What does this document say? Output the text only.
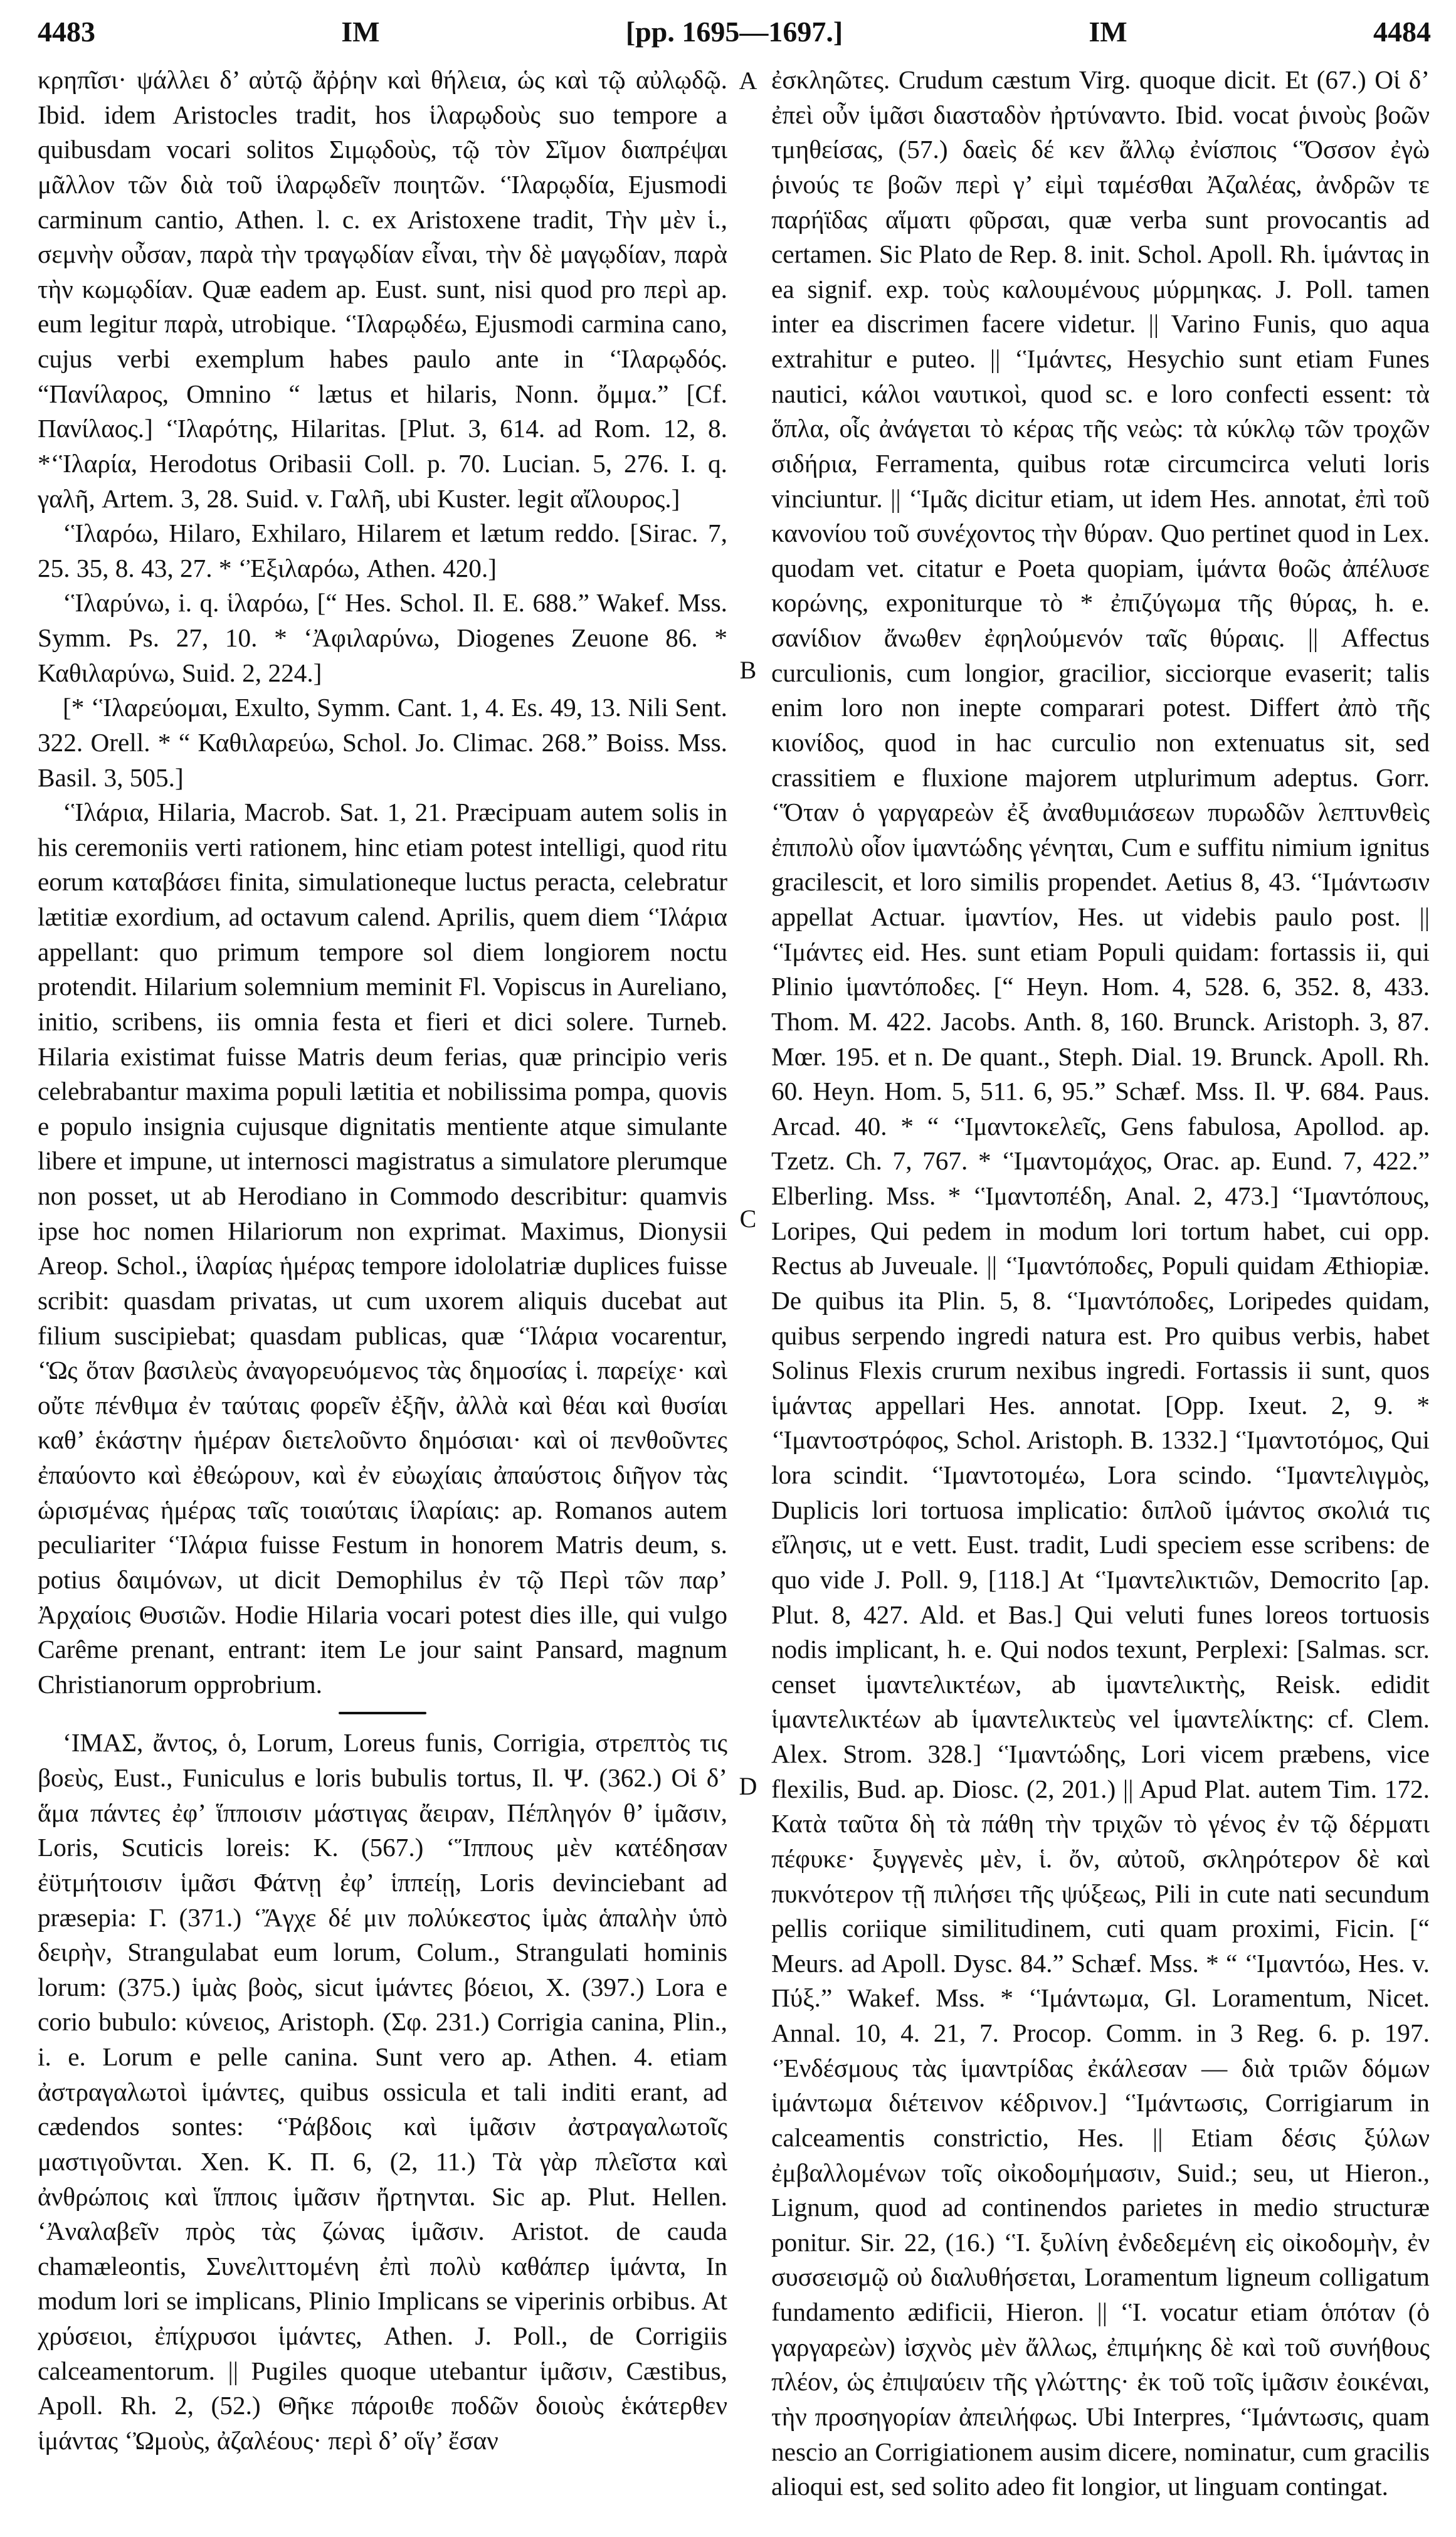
4483	IM	[pp. 1695—1697.]	IM	4484

κρηπῖσι· ψάλλει δ’ αὐτῷ ἄῤῥην καὶ θήλεια, ὡς καὶ τῷ αὐλῳδῷ. Ibid. idem Aristocles tradit, hos ἱλαρῳδοὺς suo tempore a quibusdam vocari solitos Σιμῳδοὺς, τῷ τὸν Σῖμον διαπρέψαι μᾶλλον τῶν διὰ τοῦ ἱλαρῳδεῖν ποιητῶν. ‘Ἱλαρῳδία, Ejusmodi carminum cantio, Athen. l. c. ex Aristoxene tradit, Τὴν μὲν ἱ., σεμνὴν οὖσαν, παρὰ τὴν τραγῳδίαν εἶναι, τὴν δὲ μαγῳδίαν, παρὰ τὴν κωμῳδίαν. Quæ eadem ap. Eust. sunt, nisi quod pro περὶ ap. eum legitur παρὰ, utrobique. ‘Ἱλαρῳδέω, Ejusmodi carmina cano, cujus verbi exemplum habes paulo ante in ‘Ἱλαρῳδός. “Πανίλαρος, Omnino “ lætus et hilaris, Nonn. ὄμμα.” [Cf. Πανίλαος.] ‘Ἱλαρότης, Hilaritas. [Plut. 3, 614. ad Rom. 12, 8. *‘Ἱλαρία, Herodotus Oribasii Coll. p. 70. Lucian. 5, 276. I. q. γαλῆ, Artem. 3, 28. Suid. v. Γαλῆ, ubi Kuster. legit αἴλουρος.]

‘Ἱλαρόω, Hilaro, Exhilaro, Hilarem et lætum reddo. [Sirac. 7, 25. 35, 8. 43, 27. * ‘Ἐξιλαρόω, Athen. 420.]

‘Ἱλαρύνω, i. q. ἱλαρόω, [“ Hes. Schol. Il. E. 688.” Wakef. Mss. Symm. Ps. 27, 10. * ‘Ἀφιλαρύνω, Diogenes Zeuone 86. * Καθιλαρύνω, Suid. 2, 224.]

[* ‘Ἱλαρεύομαι, Exulto, Symm. Cant. 1, 4. Es. 49, 13. Nili Sent. 322. Orell. * “ Καθιλαρεύω, Schol. Jo. Climac. 268.” Boiss. Mss. Basil. 3, 505.]

‘Ἱλάρια, Hilaria, Macrob. Sat. 1, 21. Præcipuam autem solis in his ceremoniis verti rationem, hinc etiam potest intelligi, quod ritu eorum καταβάσει finita, simulationeque luctus peracta, celebratur lætitiæ exordium, ad octavum calend. Aprilis, quem diem ‘Ἱλάρια appellant: quo primum tempore sol diem longiorem noctu protendit. Hilarium solemnium meminit Fl. Vopiscus in Aureliano, initio, scribens, iis omnia festa et fieri et dici solere. Turneb. Hilaria existimat fuisse Matris deum ferias, quæ principio veris celebrabantur maxima populi lætitia et nobilissima pompa, quovis e populo insignia cujusque dignitatis mentiente atque simulante libere et impune, ut internosci magistratus a simulatore plerumque non posset, ut ab Herodiano in Commodo describitur: quamvis ipse hoc nomen Hilariorum non exprimat. Maximus, Dionysii Areop. Schol., ἱλαρίας ἡμέρας tempore idololatriæ duplices fuisse scribit: quasdam privatas, ut cum uxorem aliquis ducebat aut filium suscipiebat; quasdam publicas, quæ ‘Ἱλάρια vocarentur, ‘Ὡς ὅταν βασιλεὺς ἀναγορευόμενος τὰς δημοσίας ἱ. παρείχε· καὶ οὔτε πένθιμα ἐν ταύταις φορεῖν ἐξῆν, ἀλλὰ καὶ θέαι καὶ θυσίαι καθ’ ἑκάστην ἡμέραν διετελοῦντο δημόσιαι· καὶ οἱ πενθοῦντες ἐπαύοντο καὶ ἐθεώρουν, καὶ ἐν εὐωχίαις ἀπαύστοις διῆγον τὰς ὡρισμένας ἡμέρας ταῖς τοιαύταις ἱλαρίαις: ap. Romanos autem peculiariter ‘Ἱλάρια fuisse Festum in honorem Matris deum, s. potius δαιμόνων, ut dicit Demophilus ἐν τῷ Περὶ τῶν παρ’ Ἀρχαίοις Θυσιῶν. Hodie Hilaria vocari potest dies ille, qui vulgo Carême prenant, entrant: item Le jour saint Pansard, magnum Christianorum opprobrium.

‘ΙΜΑΣ, ἄντος, ὁ, Lorum, Loreus funis, Corrigia, στρεπτὸς τις βοεὺς, Eust., Funiculus e loris bubulis tortus, Il. Ψ. (362.) Οἱ δ’ ἅμα πάντες ἐφ’ ἵπποισιν μάστιγας ἄειραν, Πέπληγόν θ’ ἱμᾶσιν, Loris, Scuticis loreis: K. (567.) ‘Ἵππους μὲν κατέδησαν ἐϋτμήτοισιν ἱμᾶσι Φάτνῃ ἐφ’ ἱππείῃ, Loris devinciebant ad præsepia: Γ. (371.) ‘Ἄγχε δέ μιν πολύκεστος ἱμὰς ἁπαλὴν ὑπὸ δειρὴν, Strangulabat eum lorum, Colum., Strangulati hominis lorum: (375.) ἱμὰς βοὸς, sicut ἱμάντες βόειοι, X. (397.) Lora e corio bubulo: κύνειος, Aristoph. (Σφ. 231.) Corrigia canina, Plin., i. e. Lorum e pelle canina. Sunt vero ap. Athen. 4. etiam ἀστραγαλωτοὶ ἱμάντες, quibus ossicula et tali inditi erant, ad cædendos sontes: ‘Ῥάβδοις καὶ ἱμᾶσιν ἀστραγαλωτοῖς μαστιγοῦνται. Xen. K. Π. 6, (2, 11.) Τὰ γὰρ πλεῖστα καὶ ἀνθρώποις καὶ ἵπποις ἱμᾶσιν ἤρτηνται. Sic ap. Plut. Hellen. ‘Ἀναλαβεῖν πρὸς τὰς ζώνας ἱμᾶσιν. Aristot. de cauda chamæleontis, Συνελιττομένη ἐπὶ πολὺ καθάπερ ἱμάντα, In modum lori se implicans, Plinio Implicans se viperinis orbibus. At χρύσειοι, ἐπίχρυσοι ἱμάντες, Athen. J. Poll., de Corrigiis calceamentorum. || Pugiles quoque utebantur ἱμᾶσιν, Cæstibus, Apoll. Rh. 2, (52.) Θῆκε πάροιθε ποδῶν δοιοὺς ἑκάτερθεν ἱμάντας ‘Ὠμοὺς, ἀζαλέους· περὶ δ’ οἵγ’ ἔσαν

A
B
C
D

ἐσκληῶτες. Crudum cæstum Virg. quoque dicit. Et (67.) Οἱ δ’ ἐπεὶ οὖν ἱμᾶσι διασταδὸν ἠρτύναντο. Ibid. vocat ῥινοὺς βοῶν τμηθείσας, (57.) δαεὶς δέ κεν ἄλλῳ ἐνίσποις ‘Ὅσσον ἐγὼ ῥινούς τε βοῶν περὶ γ’ εἰμὶ ταμέσθαι Ἀζαλέας, ἀνδρῶν τε παρήϊδας αἵματι φῦρσαι, quæ verba sunt provocantis ad certamen. Sic Plato de Rep. 8. init. Schol. Apoll. Rh. ἱμάντας in ea signif. exp. τοὺς καλουμένους μύρμηκας. J. Poll. tamen inter ea discrimen facere videtur. || Varino Funis, quo aqua extrahitur e puteo. || ‘Ἱμάντες, Hesychio sunt etiam Funes nautici, κάλοι ναυτικοὶ, quod sc. e loro confecti essent: τὰ ὅπλα, οἷς ἀνάγεται τὸ κέρας τῆς νεὼς: τὰ κύκλῳ τῶν τροχῶν σιδήρια, Ferramenta, quibus rotæ circumcirca veluti loris vinciuntur. || ‘Ἱμᾶς dicitur etiam, ut idem Hes. annotat, ἐπὶ τοῦ κανονίου τοῦ συνέχοντος τὴν θύραν. Quo pertinet quod in Lex. quodam vet. citatur e Poeta quopiam, ἱμάντα θοῶς ἀπέλυσε κορώνης, exponiturque τὸ * ἐπιζύγωμα τῆς θύρας, h. e. σανίδιον ἄνωθεν ἐφηλούμενόν ταῖς θύραις. || Affectus curculionis, cum longior, gracilior, sicciorque evaserit; talis enim loro non inepte comparari potest. Differt ἀπὸ τῆς κιονίδος, quod in hac curculio non extenuatus sit, sed crassitiem e fluxione majorem utplurimum adeptus. Gorr. ‘Ὅταν ὁ γαργαρεὼν ἐξ ἀναθυμιάσεων πυρωδῶν λεπτυνθεὶς ἐπιπολὺ οἷον ἱμαντώδης γένηται, Cum e suffitu nimium ignitus gracilescit, et loro similis propendet. Aetius 8, 43. ‘Ἱμάντωσιν appellat Actuar. ἱμαντίον, Hes. ut videbis paulo post. || ‘Ἱμάντες eid. Hes. sunt etiam Populi quidam: fortassis ii, qui Plinio ἱμαντόποδες. [“ Heyn. Hom. 4, 528. 6, 352. 8, 433. Thom. M. 422. Jacobs. Anth. 8, 160. Brunck. Aristoph. 3, 87. Mœr. 195. et n. De quant., Steph. Dial. 19. Brunck. Apoll. Rh. 60. Heyn. Hom. 5, 511. 6, 95.” Schæf. Mss. Il. Ψ. 684. Paus. Arcad. 40. * “ ‘Ἱμαντοκελεῖς, Gens fabulosa, Apollod. ap. Tzetz. Ch. 7, 767. * ‘Ἱμαντομάχος, Orac. ap. Eund. 7, 422.” Elberling. Mss. * ‘Ἱμαντοπέδη, Anal. 2, 473.] ‘Ἱμαντόπους, Loripes, Qui pedem in modum lori tortum habet, cui opp. Rectus ab Juveuale. || ‘Ἱμαντόποδες, Populi quidam Æthiopiæ. De quibus ita Plin. 5, 8. ‘Ἱμαντόποδες, Loripedes quidam, quibus serpendo ingredi natura est. Pro quibus verbis, habet Solinus Flexis crurum nexibus ingredi. Fortassis ii sunt, quos ἱμάντας appellari Hes. annotat. [Opp. Ixeut. 2, 9. * ‘Ἱμαντοστρόφος, Schol. Aristoph. B. 1332.] ‘Ἱμαντοτόμος, Qui lora scindit. ‘Ἱμαντοτομέω, Lora scindo. ‘Ἱμαντελιγμὸς, Duplicis lori tortuosa implicatio: διπλοῦ ἱμάντος σκολιά τις εἴλησις, ut e vett. Eust. tradit, Ludi speciem esse scribens: de quo vide J. Poll. 9, [118.] At ‘Ἱμαντελικτιῶν, Democrito [ap. Plut. 8, 427. Ald. et Bas.] Qui veluti funes loreos tortuosis nodis implicant, h. e. Qui nodos texunt, Perplexi: [Salmas. scr. censet ἱμαντελικτέων, ab ἱμαντελικτὴς, Reisk. edidit ἱμαντελικτέων ab ἱμαντελικτεὺς vel ἱμαντελίκτης: cf. Clem. Alex. Strom. 328.] ‘Ἱμαντώδης, Lori vicem præbens, vice flexilis, Bud. ap. Diosc. (2, 201.) || Apud Plat. autem Tim. 172. Κατὰ ταῦτα δὴ τὰ πάθη τὴν τριχῶν τὸ γένος ἐν τῷ δέρματι πέφυκε· ξυγγενὲς μὲν, ἱ. ὄν, αὐτοῦ, σκληρότερον δὲ καὶ πυκνότερον τῇ πιλήσει τῆς ψύξεως, Pili in cute nati secundum pellis coriique similitudinem, cuti quam proximi, Ficin. [“ Meurs. ad Apoll. Dysc. 84.” Schæf. Mss. * “ ‘Ἱμαντόω, Hes. v. Πύξ.” Wakef. Mss. * ‘Ἱμάντωμα, Gl. Loramentum, Nicet. Annal. 10, 4. 21, 7. Procop. Comm. in 3 Reg. 6. p. 197. ‘Ἐνδέσμους τὰς ἱμαντρίδας ἐκάλεσαν — διὰ τριῶν δόμων ἱμάντωμα διέτεινον κέδρινον.] ‘Ἱμάντωσις, Corrigiarum in calceamentis constrictio, Hes. || Etiam δέσις ξύλων ἐμβαλλομένων τοῖς οἰκοδομήμασιν, Suid.; seu, ut Hieron., Lignum, quod ad continendos parietes in medio structuræ ponitur. Sir. 22, (16.) ‘Ἱ. ξυλίνη ἐνδεδεμένη εἰς οἰκοδομὴν, ἐν συσσεισμῷ οὐ διαλυθήσεται, Loramentum ligneum colligatum fundamento ædificii, Hieron. || ‘Ἱ. vocatur etiam ὁπόταν (ὁ γαργαρεὼν) ἰσχνὸς μὲν ἄλλως, ἐπιμήκης δὲ καὶ τοῦ συνήθους πλέον, ὡς ἐπιψαύειν τῆς γλώττης· ἐκ τοῦ τοῖς ἱμᾶσιν ἐοικέναι, τὴν προσηγορίαν ἀπειλήφως. Ubi Interpres, ‘Ἱμάντωσις, quam nescio an Corrigiationem ausim dicere, nominatur, cum gracilis alioqui est, sed solito adeo fit longior, ut linguam contingat.
